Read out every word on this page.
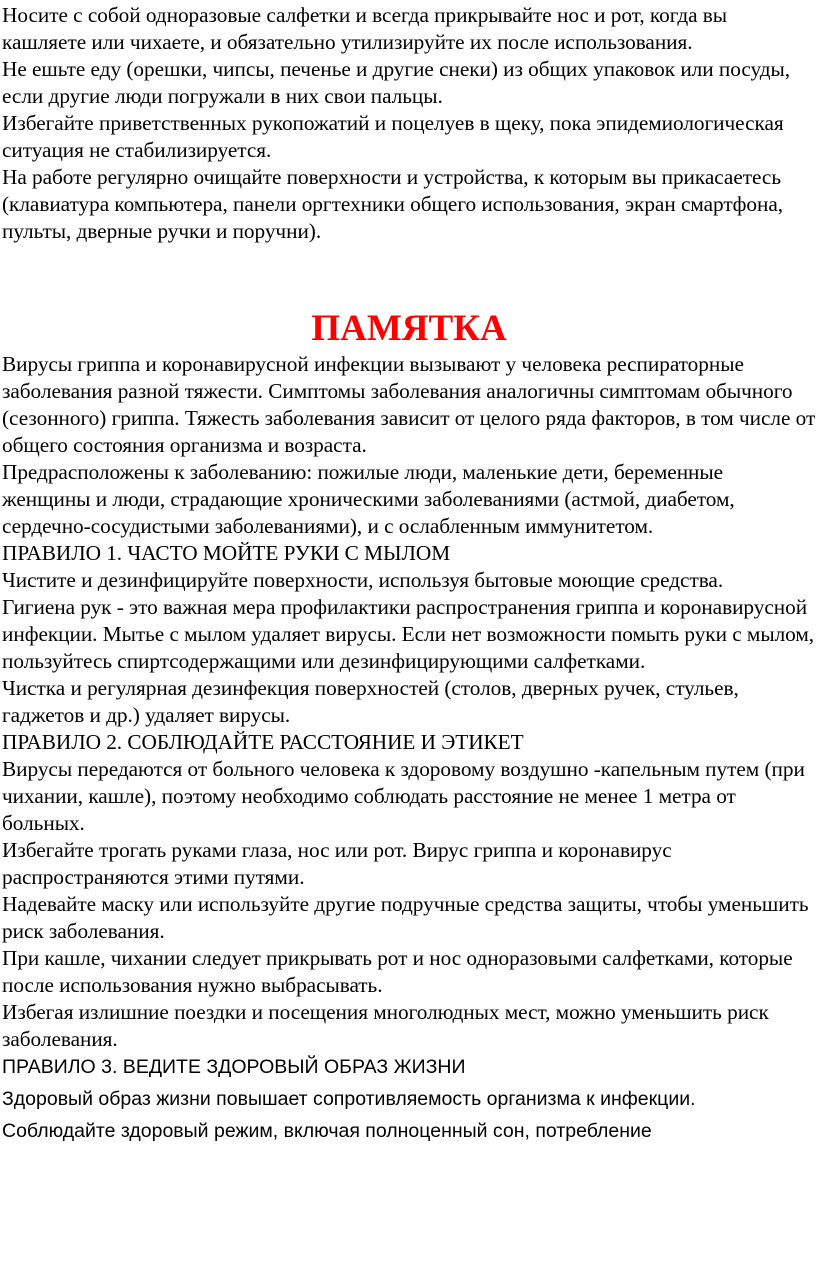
Носите с собой одноразовые салфетки и всегда прикрывайте нос и рот, когда вы кашляете или чихаете, и обязательно утилизируйте их после использования.

Не ешьте еду (орешки, чипсы, печенье и другие снеки) из общих упаковок или посуды, если другие люди погружали в них свои пальцы.

Избегайте приветственных рукопожатий и поцелуев в щеку, пока эпидемиологическая ситуация не стабилизируется.

На работе регулярно очищайте поверхности и устройства, к которым вы прикасаетесь (клавиатура компьютера, панели оргтехники общего использования, экран смартфона, пульты, дверные ручки и поручни).

ПАМЯТКА

Вирусы гриппа и коронавирусной инфекции вызывают у человека респираторные заболевания разной тяжести. Симптомы заболевания аналогичны симптомам обычного (сезонного) гриппа. Тяжесть заболевания зависит от целого ряда факторов, в том числе от общего состояния организма и возраста.

Предрасположены к заболеванию: пожилые люди, маленькие дети, беременные женщины и люди, страдающие хроническими заболеваниями (астмой, диабетом, сердечно-сосудистыми заболеваниями), и с ослабленным иммунитетом.

ПРАВИЛО 1. ЧАСТО МОЙТЕ РУКИ С МЫЛОМ

Чистите и дезинфицируйте поверхности, используя бытовые моющие средства.

Гигиена рук - это важная мера профилактики распространения гриппа и коронавирусной инфекции. Мытье с мылом удаляет вирусы. Если нет возможности помыть руки с мылом, пользуйтесь спиртсодержащими или дезинфицирующими салфетками.

Чистка и регулярная дезинфекция поверхностей (столов, дверных ручек, стульев, гаджетов и др.) удаляет вирусы.

ПРАВИЛО 2. СОБЛЮДАЙТЕ РАССТОЯНИЕ И ЭТИКЕТ

Вирусы передаются от больного человека к здоровому воздушно -капельным путем (при чихании, кашле), поэтому необходимо соблюдать расстояние не менее 1 метра от больных.

Избегайте трогать руками глаза, нос или рот. Вирус гриппа и коронавирус распространяются этими путями.

Надевайте маску или используйте другие подручные средства защиты, чтобы уменьшить риск заболевания.

При кашле, чихании следует прикрывать рот и нос одноразовыми салфетками, которые после использования нужно выбрасывать.

Избегая излишние поездки и посещения многолюдных мест, можно уменьшить риск заболевания.

ПРАВИЛО 3. ВЕДИТЕ ЗДОРОВЫЙ ОБРАЗ ЖИЗНИ

Здоровый образ жизни повышает сопротивляемость организма к инфекции.

Соблюдайте здоровый режим, включая полноценный сон, потребление
